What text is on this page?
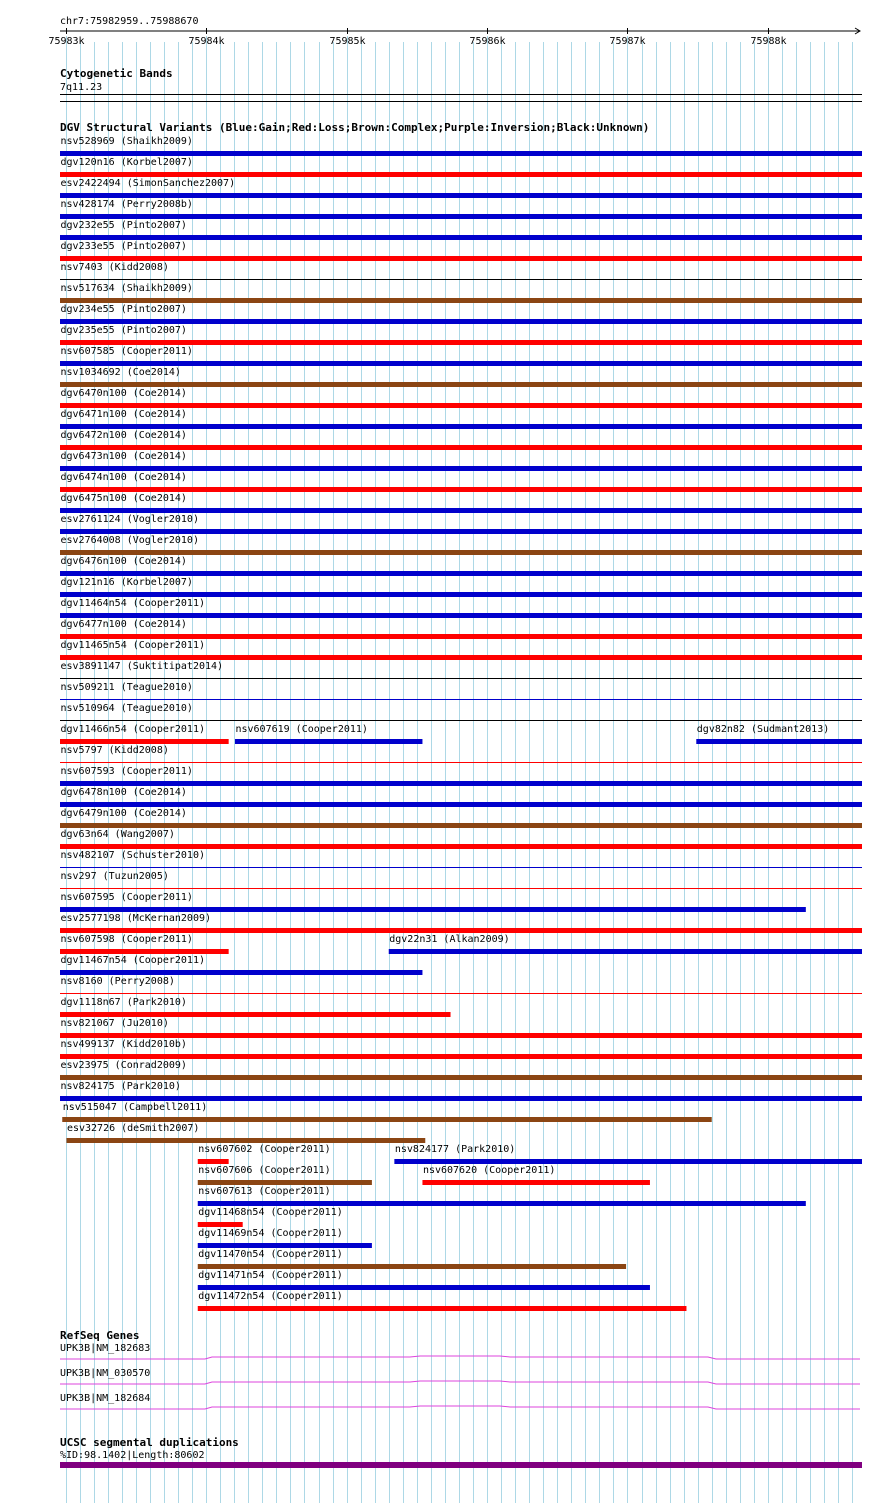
chr7:75982959..75988670
75983k	75984k	75985k	75986k	75987k	75988k
Cytogenetic Bands
7q11.23
DGV Structural Variants (Blue:Gain;Red:Loss;Brown:Complex;Purple:Inversion;Black:Unknown)
nsv528969 (Shaikh2009)
dgv120n16 (Korbel2007)
esv2422494 (SimonSanchez2007)
nsv428174 (Perry2008b)
dgv232e55 (Pinto2007)
dgv233e55 (Pinto2007)
nsv7403 (Kidd2008)
nsv517634 (Shaikh2009)
dgv234e55 (Pinto2007)
dgv235e55 (Pinto2007)
nsv607585 (Cooper2011)
nsv1034692 (Coe2014)
dgv6470n100 (Coe2014)
dgv6471n100 (Coe2014)
dgv6472n100 (Coe2014)
dgv6473n100 (Coe2014)
dgv6474n100 (Coe2014)
dgv6475n100 (Coe2014)
esv2761124 (Vogler2010)
esv2764008 (Vogler2010)
dgv6476n100 (Coe2014)
dgv121n16 (Korbel2007)
dgv11464n54 (Cooper2011)
dgv6477n100 (Coe2014)
dgv11465n54 (Cooper2011)
esv3891147 (Suktitipat2014)
nsv509211 (Teague2010)
nsv510964 (Teague2010)
dgv11466n54 (Cooper2011)	nsv607619 (Cooper2011)	dgv82n82 (Sudmant2013)
nsv5797 (Kidd2008)
nsv607593 (Cooper2011)
dgv6478n100 (Coe2014)
dgv6479n100 (Coe2014)
dgv63n64 (Wang2007)
nsv482107 (Schuster2010)
nsv297 (Tuzun2005)
nsv607595 (Cooper2011)
esv2577198 (McKernan2009)
nsv607598 (Cooper2011)	dgv22n31 (Alkan2009)
dgv11467n54 (Cooper2011)
nsv8160 (Perry2008)
dgv1118n67 (Park2010)
nsv821067 (Ju2010)
nsv499137 (Kidd2010b)
esv23975 (Conrad2009)
nsv824175 (Park2010)
nsv515047 (Campbell2011)
esv32726 (deSmith2007)
nsv607602 (Cooper2011)	nsv824177 (Park2010)
nsv607606 (Cooper2011)	nsv607620 (Cooper2011)
nsv607613 (Cooper2011)
dgv11468n54 (Cooper2011)
dgv11469n54 (Cooper2011)
dgv11470n54 (Cooper2011)
dgv11471n54 (Cooper2011)
dgv11472n54 (Cooper2011)
RefSeq Genes
UPK3B|NM_182683
UPK3B|NM_030570
UPK3B|NM_182684
UCSC segmental duplications
%ID:98.1402|Length:80602
